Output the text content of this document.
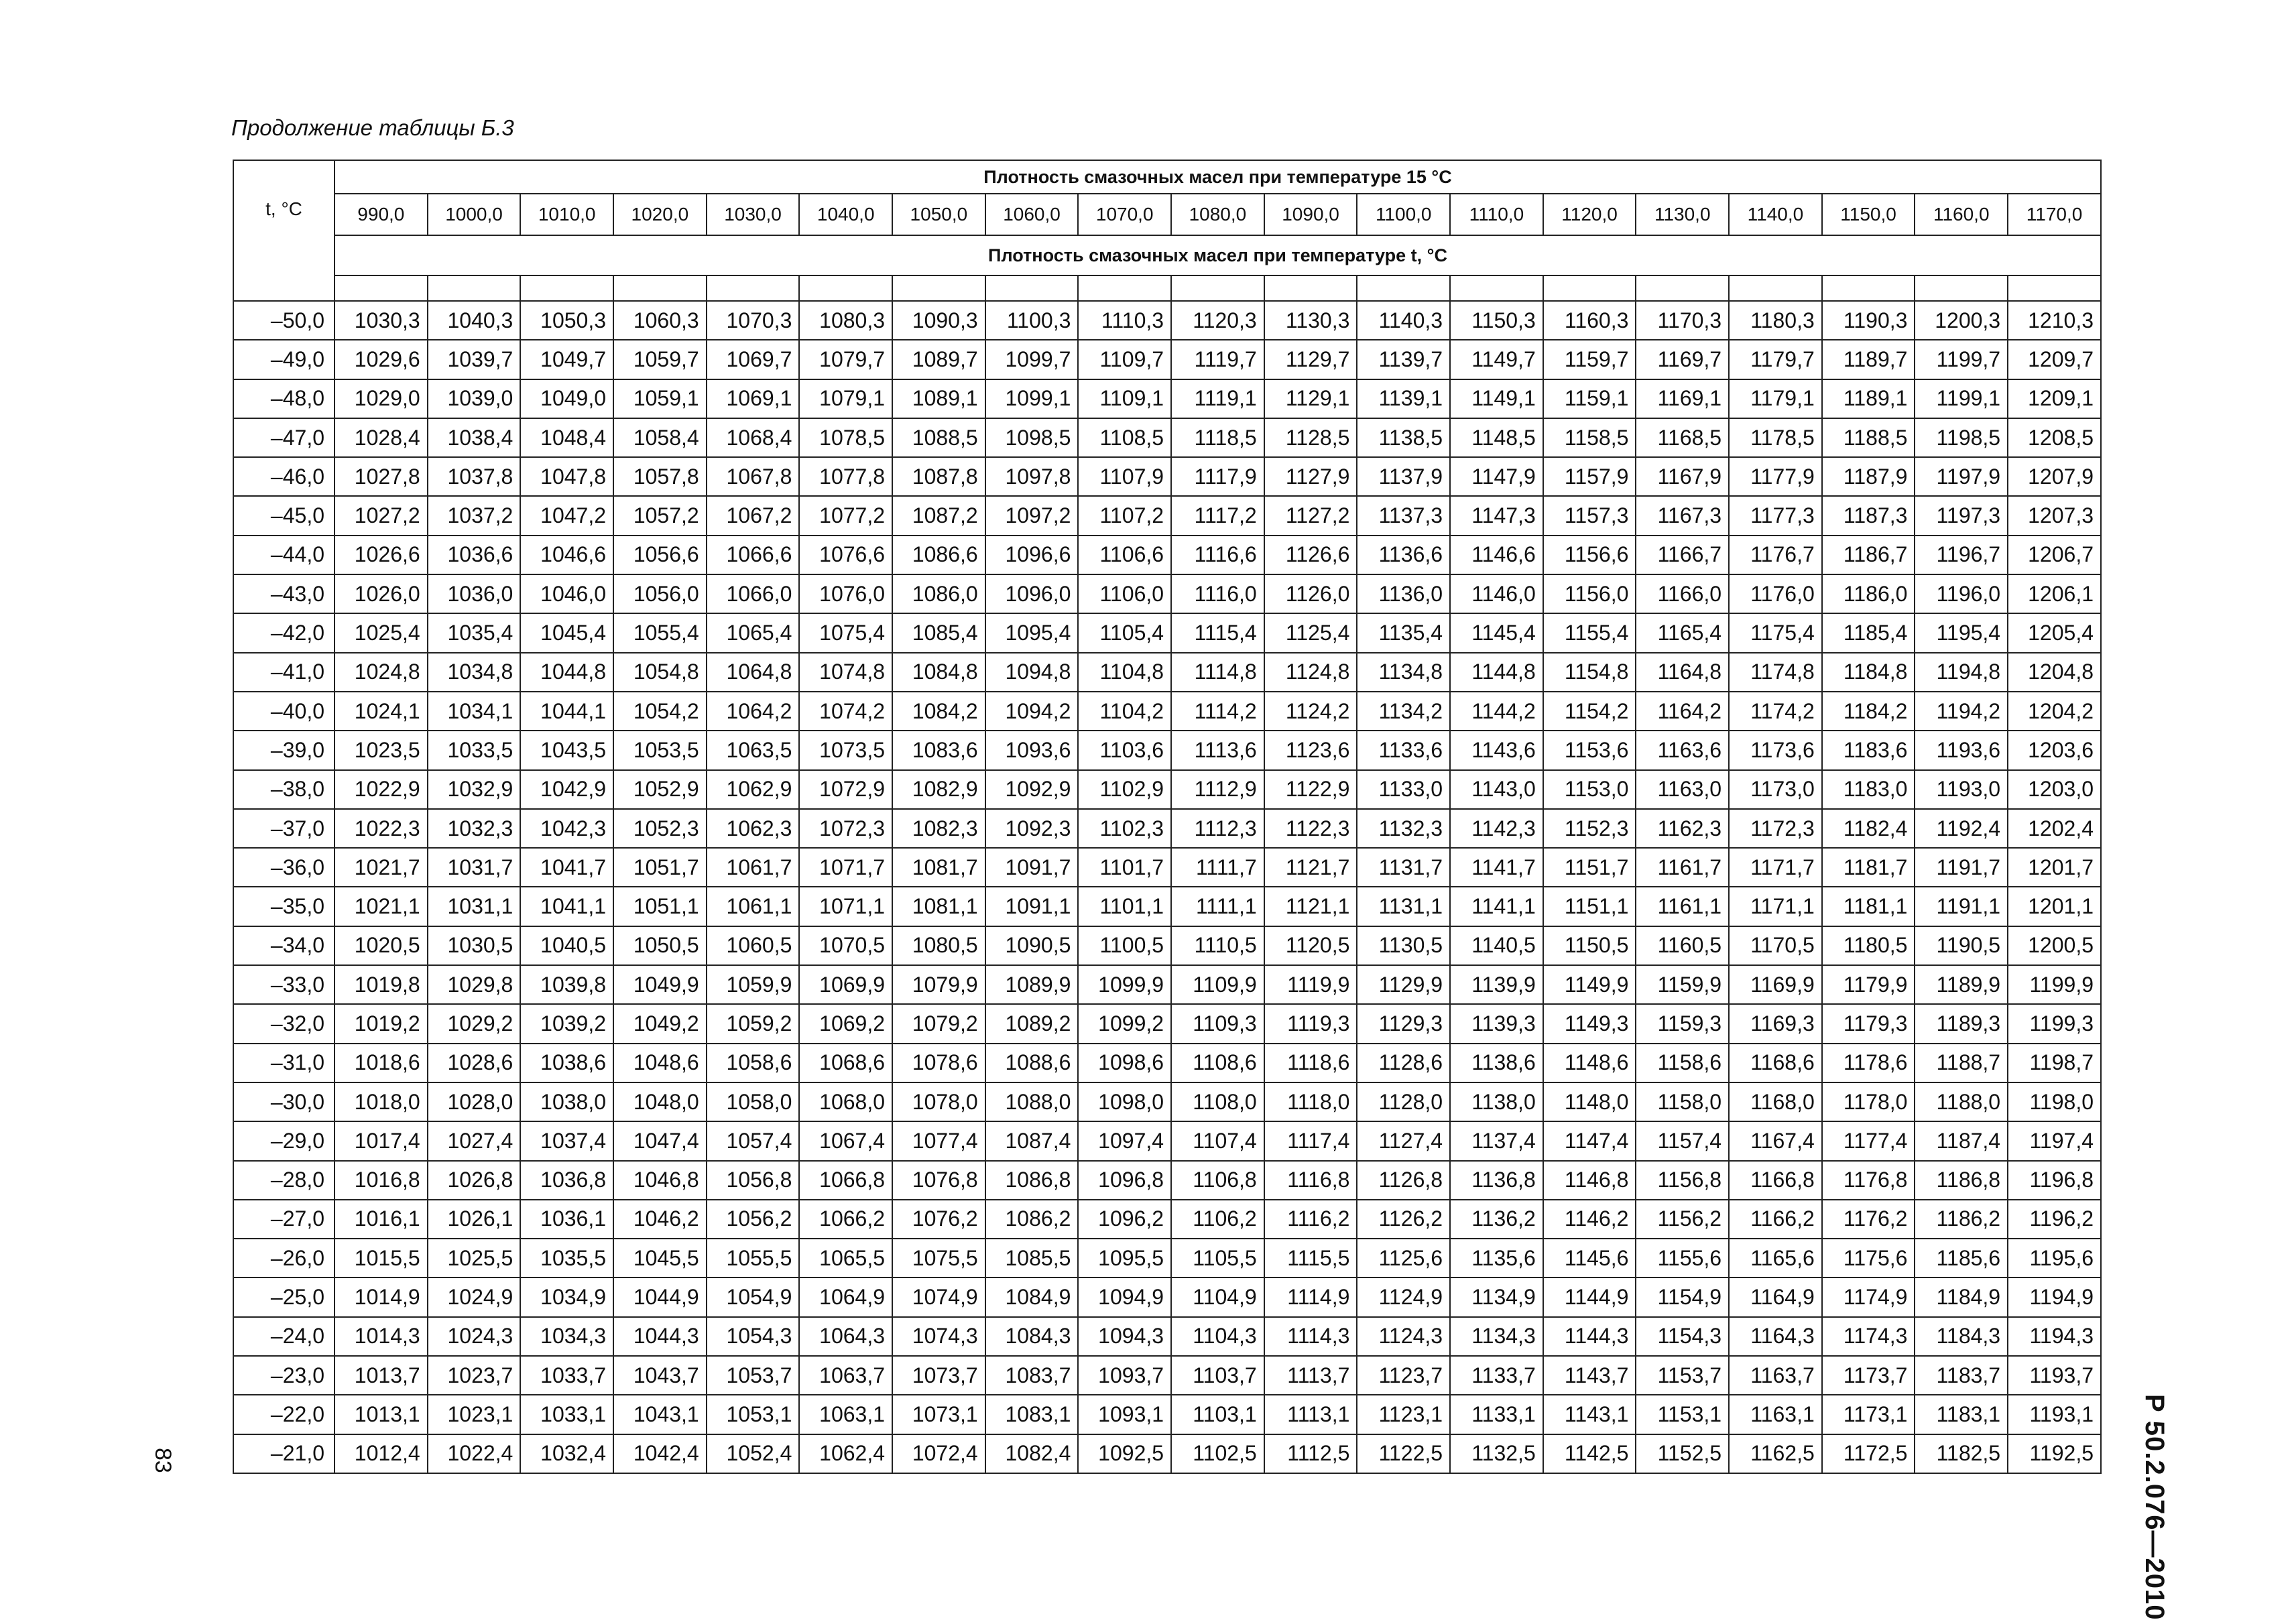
Продолжение таблицы Б.3
Р 50.2.076—2010
83
t, °C	Плотность смазочных масел при температуре 15 °С																		
	990,0	1000,0	1010,0	1020,0	1030,0	1040,0	1050,0	1060,0	1070,0	1080,0	1090,0	1100,0	1110,0	1120,0	1130,0	1140,0	1150,0	1160,0	1170,0
	Плотность смазочных масел при температуре t, °С																		

–50,0	1030,3	1040,3	1050,3	1060,3	1070,3	1080,3	1090,3	1100,3	1110,3	1120,3	1130,3	1140,3	1150,3	1160,3	1170,3	1180,3	1190,3	1200,3	1210,3
–49,0	1029,6	1039,7	1049,7	1059,7	1069,7	1079,7	1089,7	1099,7	1109,7	1119,7	1129,7	1139,7	1149,7	1159,7	1169,7	1179,7	1189,7	1199,7	1209,7
–48,0	1029,0	1039,0	1049,0	1059,1	1069,1	1079,1	1089,1	1099,1	1109,1	1119,1	1129,1	1139,1	1149,1	1159,1	1169,1	1179,1	1189,1	1199,1	1209,1
–47,0	1028,4	1038,4	1048,4	1058,4	1068,4	1078,5	1088,5	1098,5	1108,5	1118,5	1128,5	1138,5	1148,5	1158,5	1168,5	1178,5	1188,5	1198,5	1208,5
–46,0	1027,8	1037,8	1047,8	1057,8	1067,8	1077,8	1087,8	1097,8	1107,9	1117,9	1127,9	1137,9	1147,9	1157,9	1167,9	1177,9	1187,9	1197,9	1207,9
–45,0	1027,2	1037,2	1047,2	1057,2	1067,2	1077,2	1087,2	1097,2	1107,2	1117,2	1127,2	1137,3	1147,3	1157,3	1167,3	1177,3	1187,3	1197,3	1207,3
–44,0	1026,6	1036,6	1046,6	1056,6	1066,6	1076,6	1086,6	1096,6	1106,6	1116,6	1126,6	1136,6	1146,6	1156,6	1166,7	1176,7	1186,7	1196,7	1206,7
–43,0	1026,0	1036,0	1046,0	1056,0	1066,0	1076,0	1086,0	1096,0	1106,0	1116,0	1126,0	1136,0	1146,0	1156,0	1166,0	1176,0	1186,0	1196,0	1206,1
–42,0	1025,4	1035,4	1045,4	1055,4	1065,4	1075,4	1085,4	1095,4	1105,4	1115,4	1125,4	1135,4	1145,4	1155,4	1165,4	1175,4	1185,4	1195,4	1205,4
–41,0	1024,8	1034,8	1044,8	1054,8	1064,8	1074,8	1084,8	1094,8	1104,8	1114,8	1124,8	1134,8	1144,8	1154,8	1164,8	1174,8	1184,8	1194,8	1204,8
–40,0	1024,1	1034,1	1044,1	1054,2	1064,2	1074,2	1084,2	1094,2	1104,2	1114,2	1124,2	1134,2	1144,2	1154,2	1164,2	1174,2	1184,2	1194,2	1204,2
–39,0	1023,5	1033,5	1043,5	1053,5	1063,5	1073,5	1083,6	1093,6	1103,6	1113,6	1123,6	1133,6	1143,6	1153,6	1163,6	1173,6	1183,6	1193,6	1203,6
–38,0	1022,9	1032,9	1042,9	1052,9	1062,9	1072,9	1082,9	1092,9	1102,9	1112,9	1122,9	1133,0	1143,0	1153,0	1163,0	1173,0	1183,0	1193,0	1203,0
–37,0	1022,3	1032,3	1042,3	1052,3	1062,3	1072,3	1082,3	1092,3	1102,3	1112,3	1122,3	1132,3	1142,3	1152,3	1162,3	1172,3	1182,4	1192,4	1202,4
–36,0	1021,7	1031,7	1041,7	1051,7	1061,7	1071,7	1081,7	1091,7	1101,7	1111,7	1121,7	1131,7	1141,7	1151,7	1161,7	1171,7	1181,7	1191,7	1201,7
–35,0	1021,1	1031,1	1041,1	1051,1	1061,1	1071,1	1081,1	1091,1	1101,1	1111,1	1121,1	1131,1	1141,1	1151,1	1161,1	1171,1	1181,1	1191,1	1201,1
–34,0	1020,5	1030,5	1040,5	1050,5	1060,5	1070,5	1080,5	1090,5	1100,5	1110,5	1120,5	1130,5	1140,5	1150,5	1160,5	1170,5	1180,5	1190,5	1200,5
–33,0	1019,8	1029,8	1039,8	1049,9	1059,9	1069,9	1079,9	1089,9	1099,9	1109,9	1119,9	1129,9	1139,9	1149,9	1159,9	1169,9	1179,9	1189,9	1199,9
–32,0	1019,2	1029,2	1039,2	1049,2	1059,2	1069,2	1079,2	1089,2	1099,2	1109,3	1119,3	1129,3	1139,3	1149,3	1159,3	1169,3	1179,3	1189,3	1199,3
–31,0	1018,6	1028,6	1038,6	1048,6	1058,6	1068,6	1078,6	1088,6	1098,6	1108,6	1118,6	1128,6	1138,6	1148,6	1158,6	1168,6	1178,6	1188,7	1198,7
–30,0	1018,0	1028,0	1038,0	1048,0	1058,0	1068,0	1078,0	1088,0	1098,0	1108,0	1118,0	1128,0	1138,0	1148,0	1158,0	1168,0	1178,0	1188,0	1198,0
–29,0	1017,4	1027,4	1037,4	1047,4	1057,4	1067,4	1077,4	1087,4	1097,4	1107,4	1117,4	1127,4	1137,4	1147,4	1157,4	1167,4	1177,4	1187,4	1197,4
–28,0	1016,8	1026,8	1036,8	1046,8	1056,8	1066,8	1076,8	1086,8	1096,8	1106,8	1116,8	1126,8	1136,8	1146,8	1156,8	1166,8	1176,8	1186,8	1196,8
–27,0	1016,1	1026,1	1036,1	1046,2	1056,2	1066,2	1076,2	1086,2	1096,2	1106,2	1116,2	1126,2	1136,2	1146,2	1156,2	1166,2	1176,2	1186,2	1196,2
–26,0	1015,5	1025,5	1035,5	1045,5	1055,5	1065,5	1075,5	1085,5	1095,5	1105,5	1115,5	1125,6	1135,6	1145,6	1155,6	1165,6	1175,6	1185,6	1195,6
–25,0	1014,9	1024,9	1034,9	1044,9	1054,9	1064,9	1074,9	1084,9	1094,9	1104,9	1114,9	1124,9	1134,9	1144,9	1154,9	1164,9	1174,9	1184,9	1194,9
–24,0	1014,3	1024,3	1034,3	1044,3	1054,3	1064,3	1074,3	1084,3	1094,3	1104,3	1114,3	1124,3	1134,3	1144,3	1154,3	1164,3	1174,3	1184,3	1194,3
–23,0	1013,7	1023,7	1033,7	1043,7	1053,7	1063,7	1073,7	1083,7	1093,7	1103,7	1113,7	1123,7	1133,7	1143,7	1153,7	1163,7	1173,7	1183,7	1193,7
–22,0	1013,1	1023,1	1033,1	1043,1	1053,1	1063,1	1073,1	1083,1	1093,1	1103,1	1113,1	1123,1	1133,1	1143,1	1153,1	1163,1	1173,1	1183,1	1193,1
–21,0	1012,4	1022,4	1032,4	1042,4	1052,4	1062,4	1072,4	1082,4	1092,5	1102,5	1112,5	1122,5	1132,5	1142,5	1152,5	1162,5	1172,5	1182,5	1192,5
